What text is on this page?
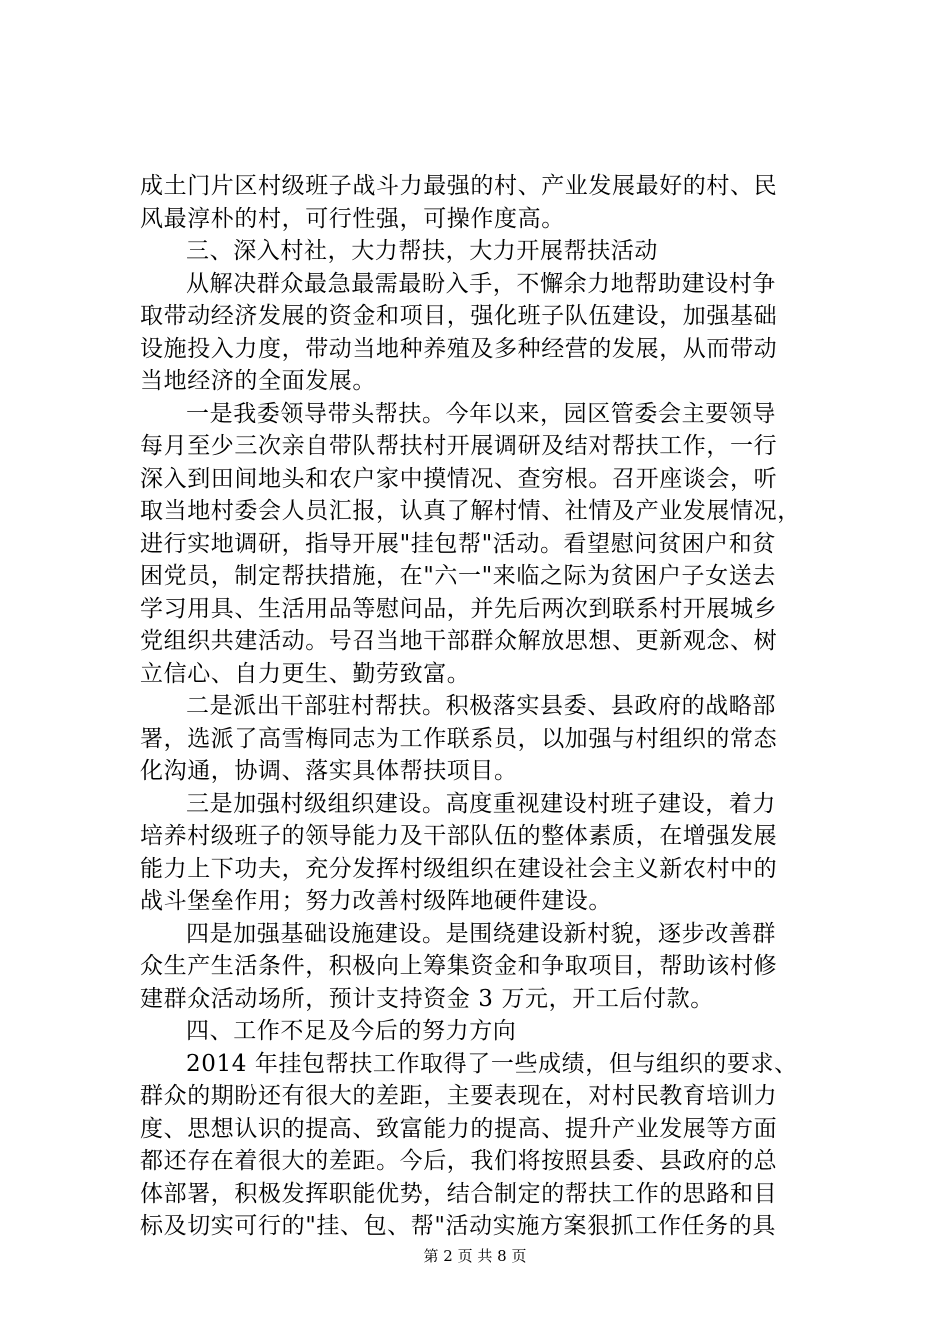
成土门片区村级班子战斗力最强的村、产业发展最好的村、民
风最淳朴的村，可行性强，可操作度高。
三、深入村社，大力帮扶，大力开展帮扶活动
从解决群众最急最需最盼入手，不懈余力地帮助建设村争
取带动经济发展的资金和项目，强化班子队伍建设，加强基础
设施投入力度，带动当地种养殖及多种经营的发展，从而带动
当地经济的全面发展。
一是我委领导带头帮扶。今年以来，园区管委会主要领导
每月至少三次亲自带队帮扶村开展调研及结对帮扶工作，一行
深入到田间地头和农户家中摸情况、查穷根。召开座谈会，听
取当地村委会人员汇报，认真了解村情、社情及产业发展情况，
进行实地调研，指导开展"挂包帮"活动。看望慰问贫困户和贫
困党员，制定帮扶措施，在"六一"来临之际为贫困户子女送去
学习用具、生活用品等慰问品，并先后两次到联系村开展城乡
党组织共建活动。号召当地干部群众解放思想、更新观念、树
立信心、自力更生、勤劳致富。
二是派出干部驻村帮扶。积极落实县委、县政府的战略部
署，选派了高雪梅同志为工作联系员，以加强与村组织的常态
化沟通，协调、落实具体帮扶项目。
三是加强村级组织建设。高度重视建设村班子建设，着力
培养村级班子的领导能力及干部队伍的整体素质，在增强发展
能力上下功夫，充分发挥村级组织在建设社会主义新农村中的
战斗堡垒作用；努力改善村级阵地硬件建设。
四是加强基础设施建设。是围绕建设新村貌，逐步改善群
众生产生活条件，积极向上筹集资金和争取项目，帮助该村修
建群众活动场所，预计支持资金 3 万元，开工后付款。
四、工作不足及今后的努力方向
2014 年挂包帮扶工作取得了一些成绩，但与组织的要求、
群众的期盼还有很大的差距，主要表现在，对村民教育培训力
度、思想认识的提高、致富能力的提高、提升产业发展等方面
都还存在着很大的差距。今后，我们将按照县委、县政府的总
体部署，积极发挥职能优势，结合制定的帮扶工作的思路和目
标及切实可行的"挂、包、帮"活动实施方案狠抓工作任务的具
第 2 页 共 8 页
